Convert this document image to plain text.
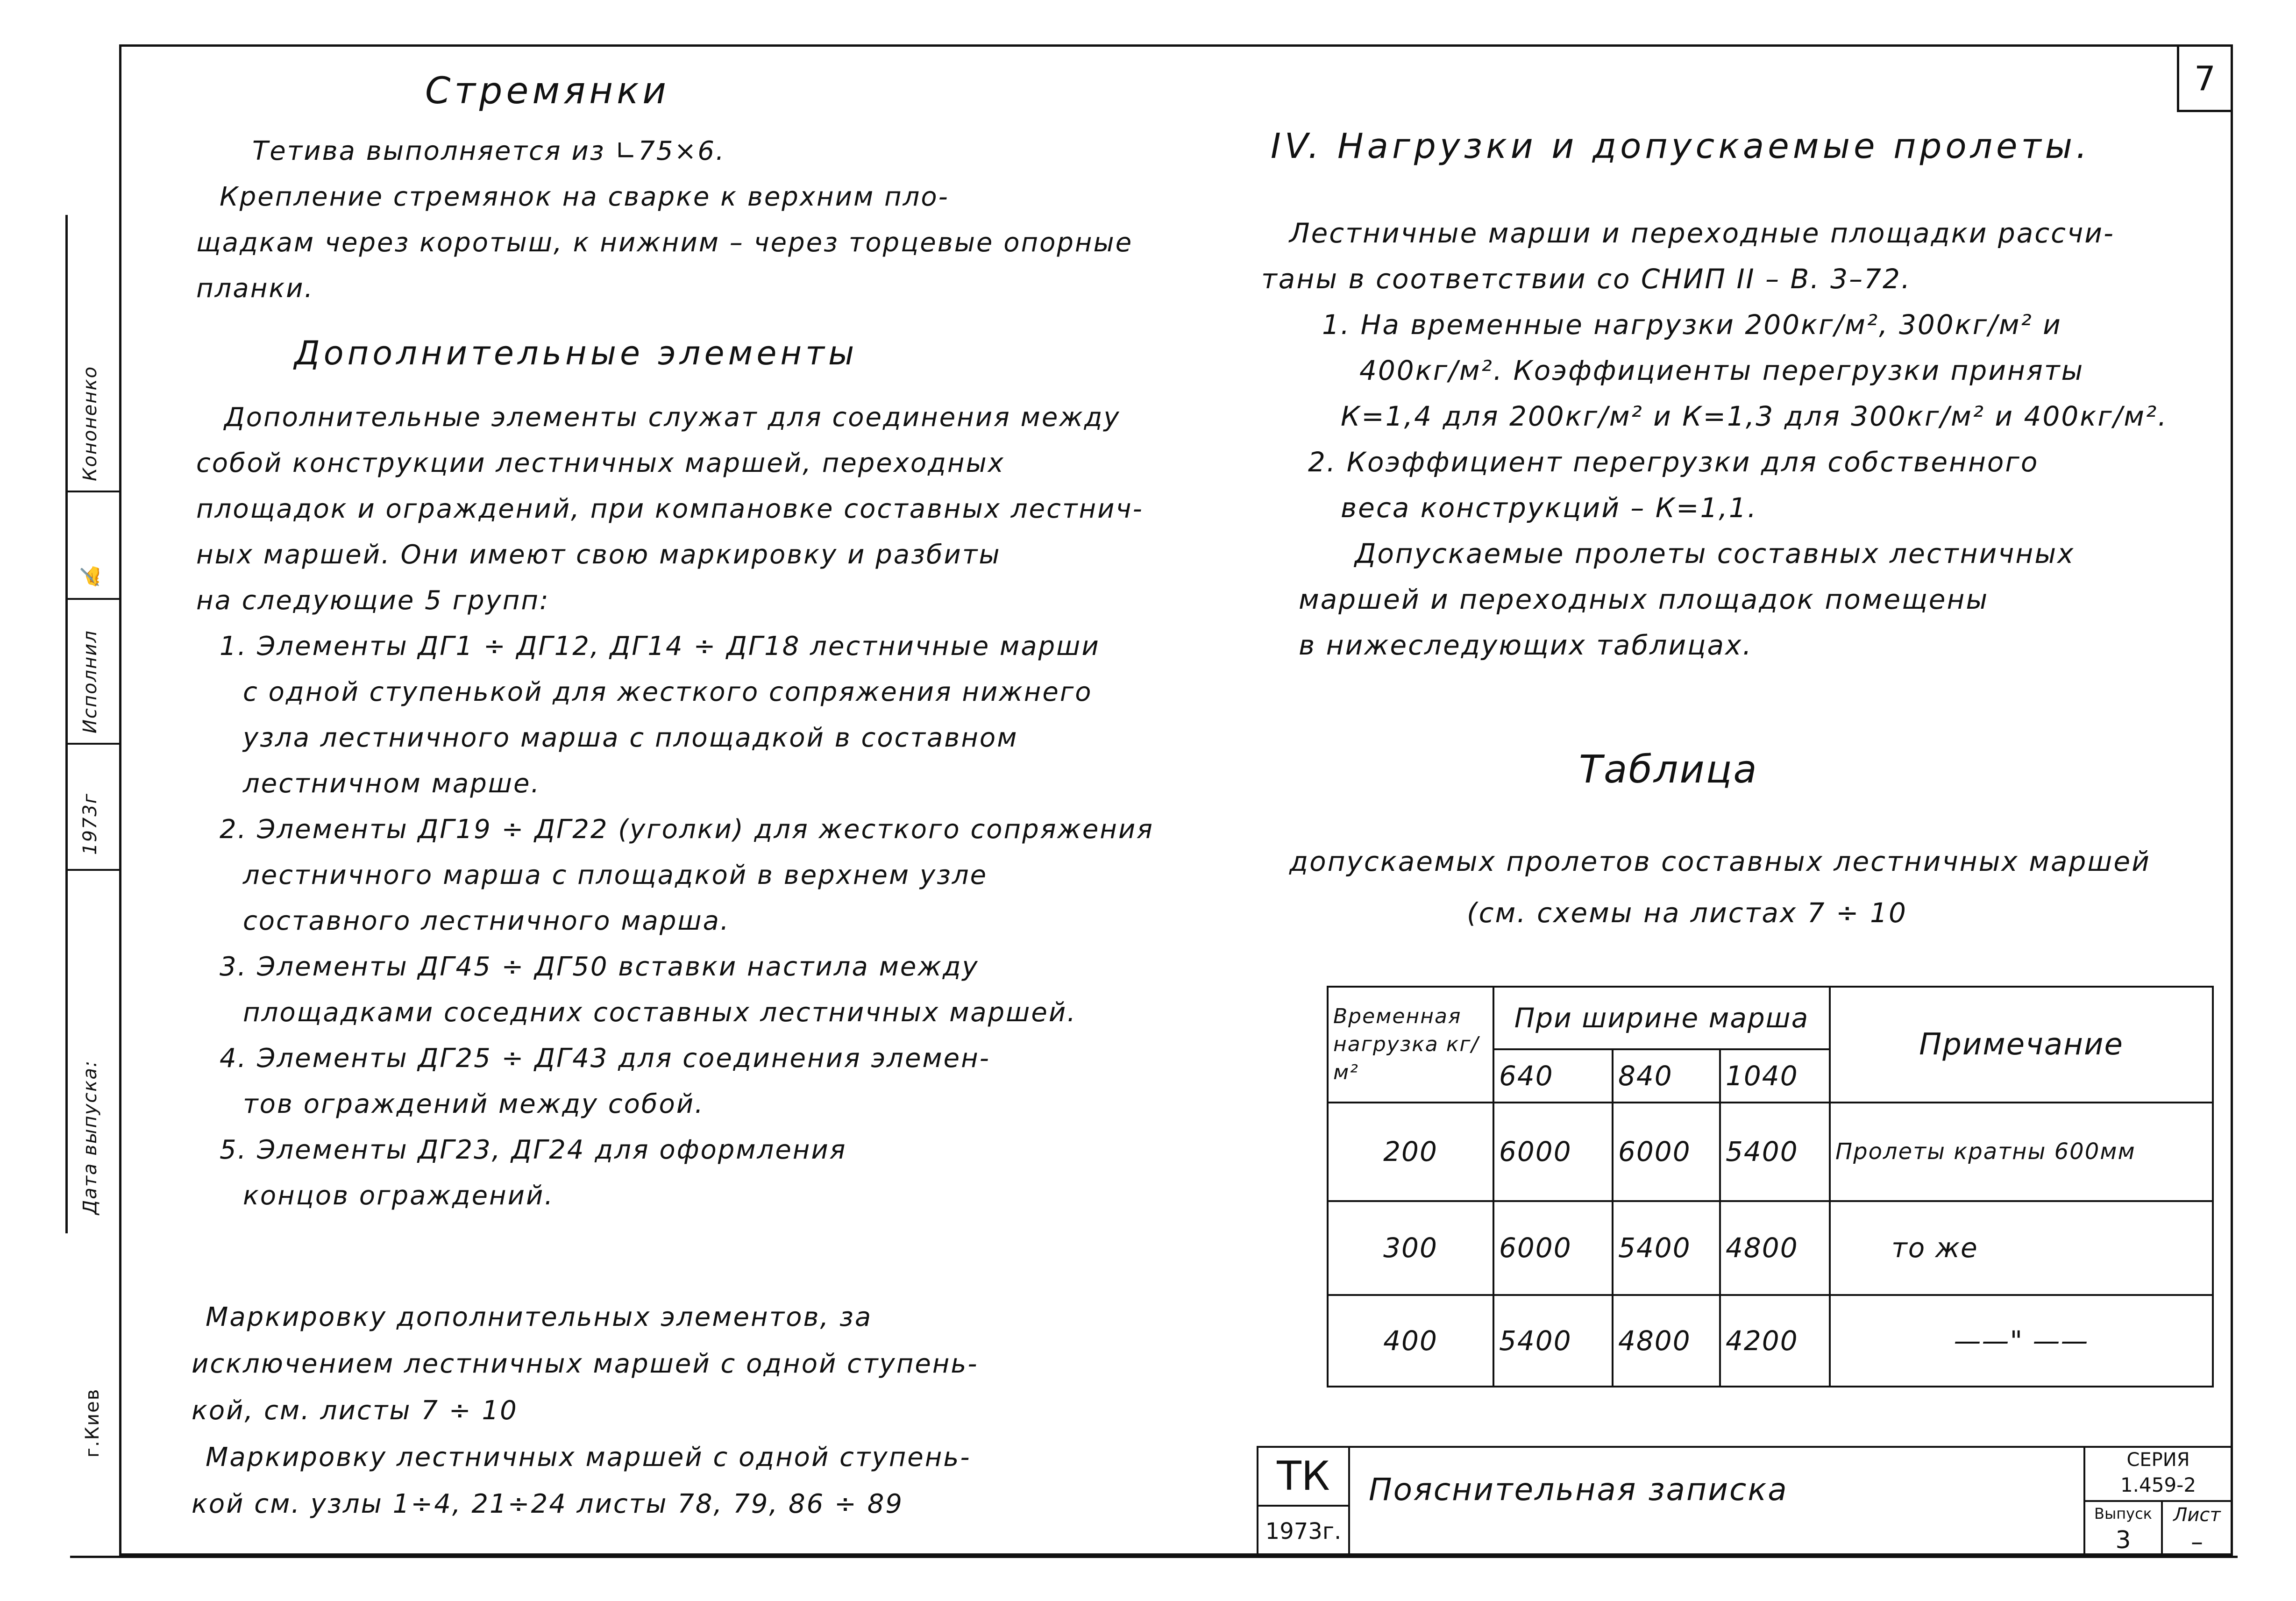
Кононенко
✍
Исполнил
1973г
Дата выпуска:
г.Киев
7
Стремянки
Тетива выполняется из ∟75×6.
Крепление стремянок на сварке к верхним пло-
щадкам через коротыш, к нижним – через торцевые опорные
планки.
Дополнительные элементы
Дополнительные элементы служат для соединения между
собой конструкции лестничных маршей, переходных
площадок и ограждений, при компановке составных лестнич-
ных маршей. Они имеют свою маркировку и разбиты
на следующие 5 групп:
1. Элементы ДГ1 ÷ ДГ12, ДГ14 ÷ ДГ18 лестничные марши
с одной ступенькой для жесткого сопряжения нижнего
узла лестничного марша с площадкой в составном
лестничном марше.
2. Элементы ДГ19 ÷ ДГ22 (уголки) для жесткого сопряжения
лестничного марша с площадкой в верхнем узле
составного лестничного марша.
3. Элементы ДГ45 ÷ ДГ50 вставки настила между
площадками соседних составных лестничных маршей.
4. Элементы ДГ25 ÷ ДГ43 для соединения элемен-
тов ограждений между собой.
5. Элементы ДГ23, ДГ24 для оформления
концов ограждений.
Маркировку дополнительных элементов, за
исключением лестничных маршей с одной ступень-
кой, см. листы 7 ÷ 10
Маркировку лестничных маршей с одной ступень-
кой см. узлы 1÷4, 21÷24 листы 78, 79, 86 ÷ 89
IV. Нагрузки и допускаемые пролеты.
Лестничные марши и переходные площадки рассчи-
таны в соответствии со СНИП II – В. 3–72.
1. На временные нагрузки 200кг/м², 300кг/м² и
400кг/м². Коэффициенты перегрузки приняты
К=1,4 для 200кг/м² и К=1,3 для 300кг/м² и 400кг/м².
2. Коэффициент перегрузки для собственного
веса конструкций – К=1,1.
Допускаемые пролеты составных лестничных
маршей и переходных площадок помещены
в нижеследующих таблицах.
Таблица
допускаемых пролетов составных лестничных маршей
(см. схемы на листах 7 ÷ 10
Временная нагрузка кг/м²	При ширине марша			Примечание
	640	840	1040	
200	6000	6000	5400	Пролеты кратны 600мм
300	6000	5400	4800	то же
400	5400	4800	4200	——" ——
ТК
1973г.
Пояснительная записка
СЕРИЯ
1.459-2
Выпуск
3
Лист
–
